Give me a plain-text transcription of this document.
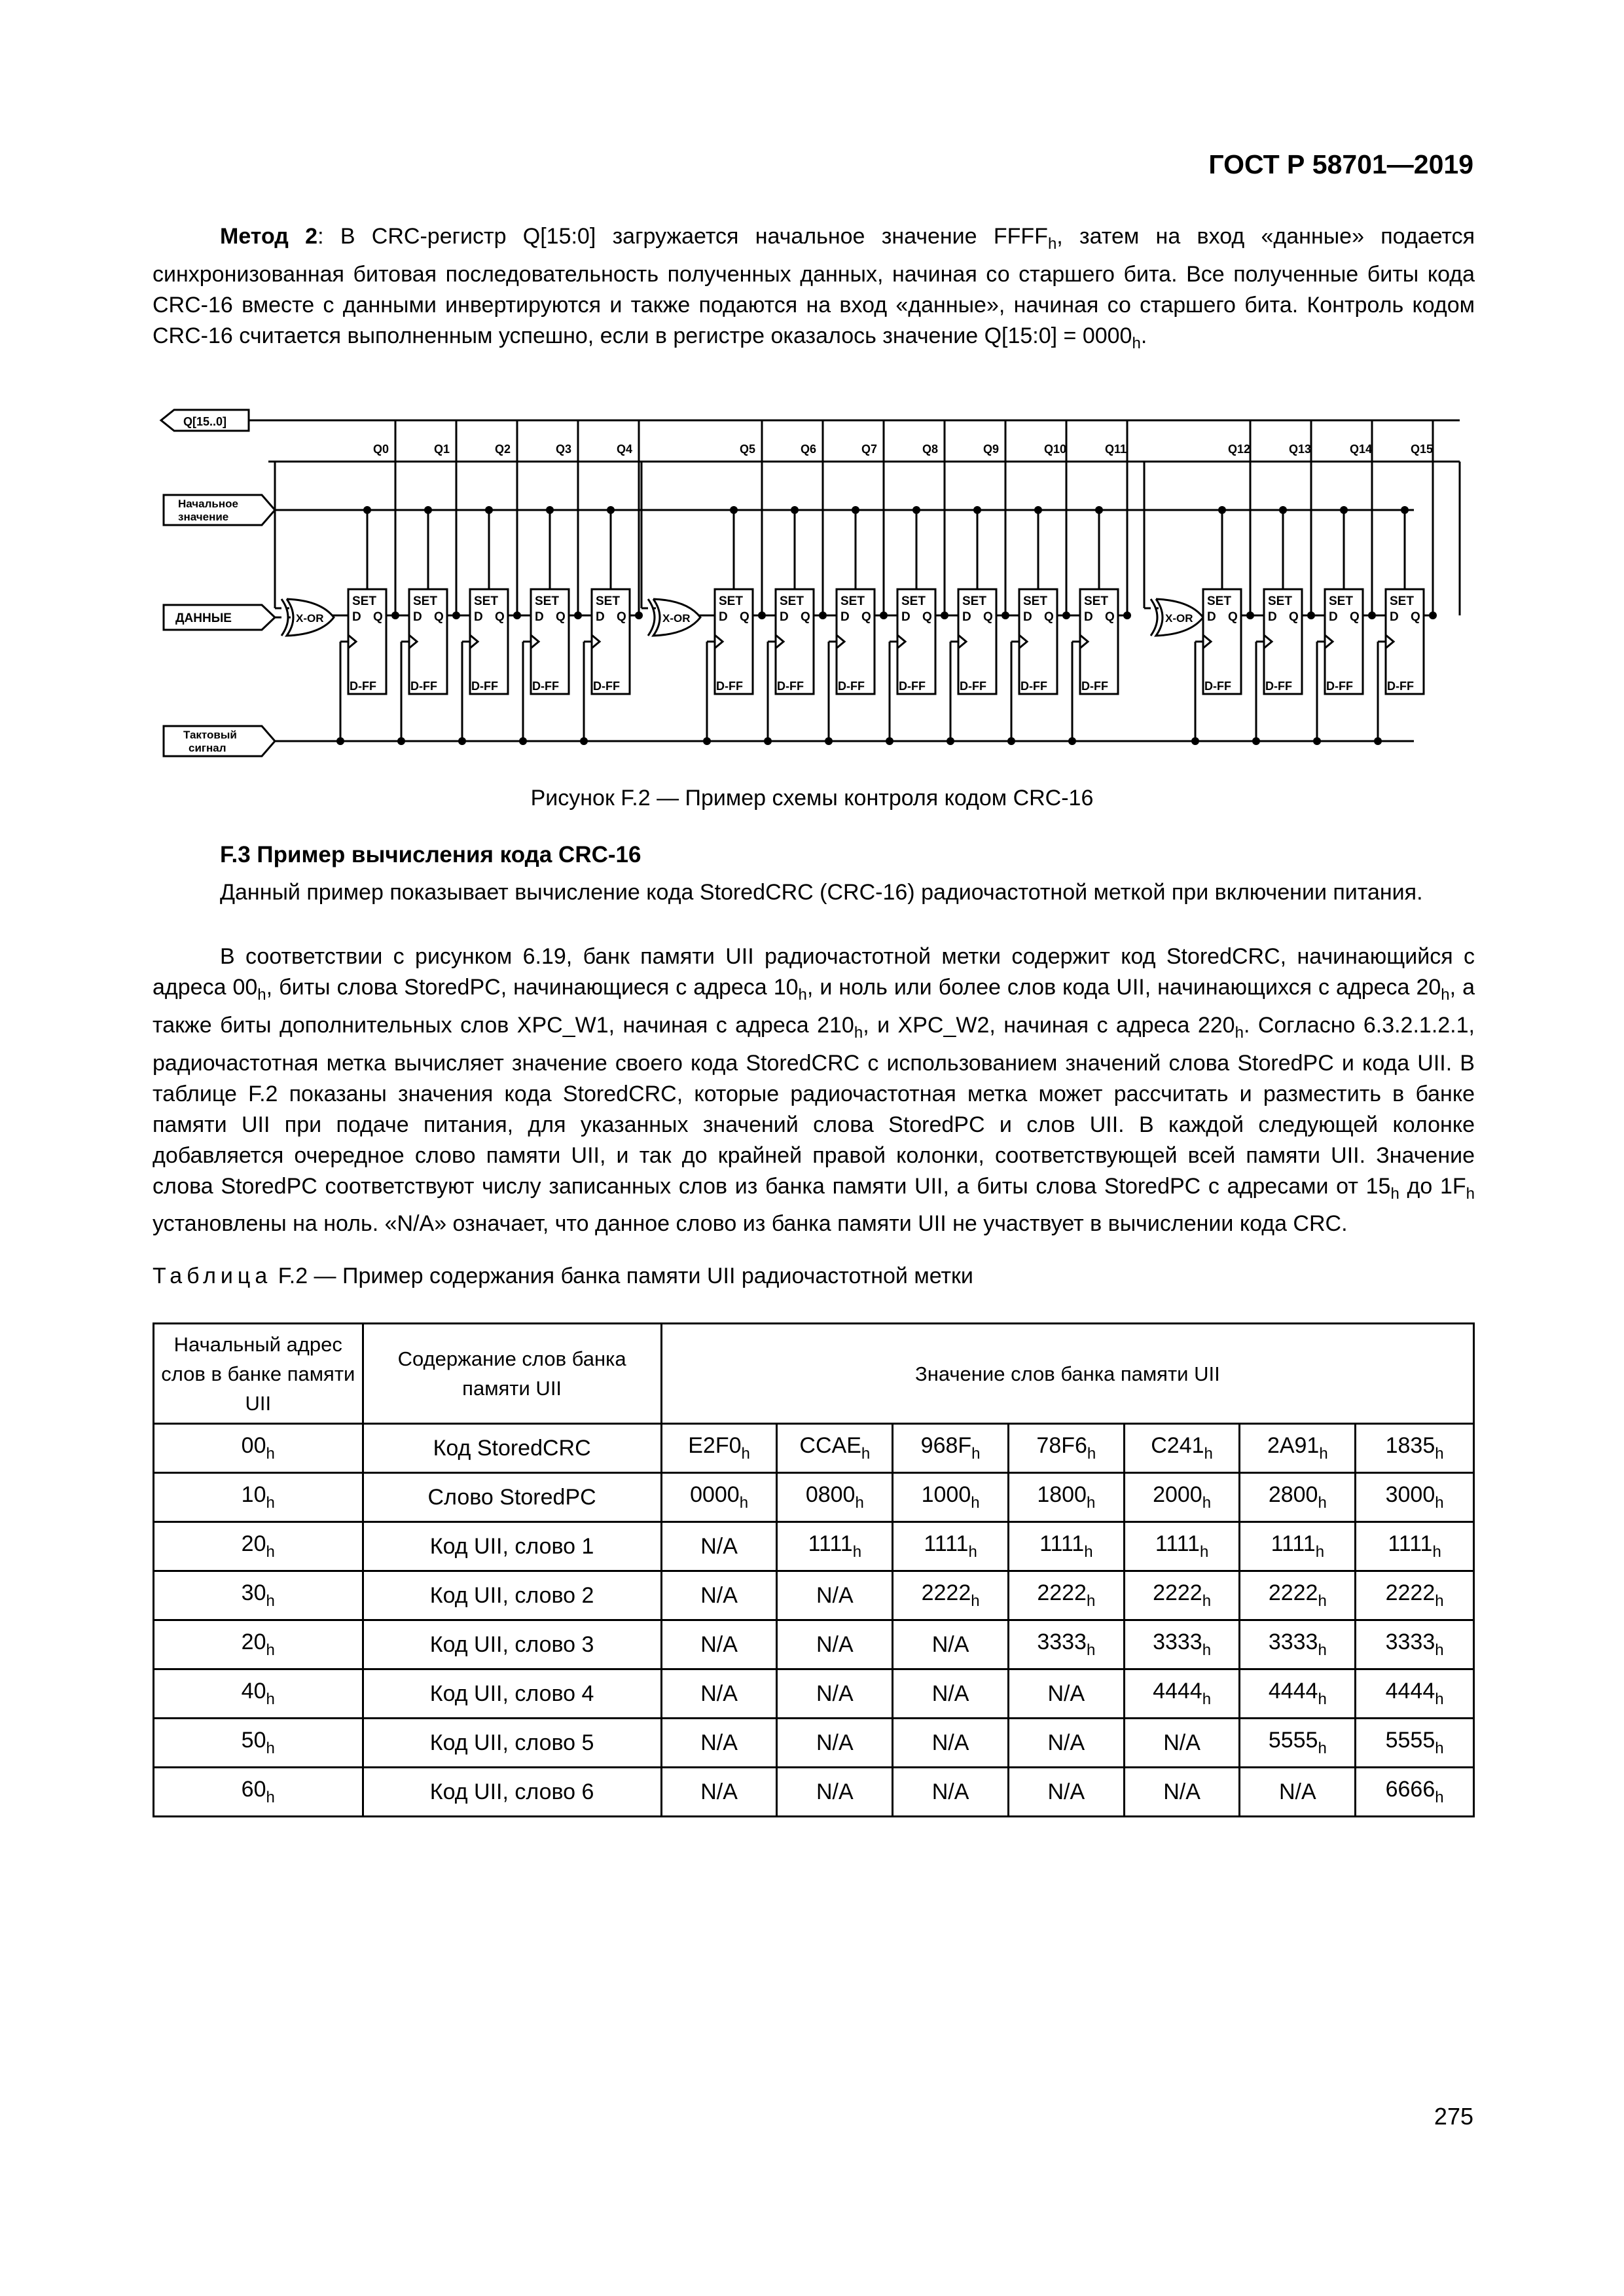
ГОСТ Р 58701—2019
Метод 2: В CRC-регистр Q[15:0] загружается начальное значение $FFFF_h$, затем на вход «данные» подается синхронизованная битовая последовательность полученных данных, начиная со старшего бита. Все полученные биты кода CRC-16 вместе с данными инвертируются и также подаются на вход «данные», начиная со старшего бита. Контроль кодом CRC-16 считается выполненным успешно, если в регистре оказалось значение Q[15:0] = $0000_h$.
Q[15..0]
Начальное
значение
ДАННЫЕ
Тактовый
сигнал
X-OR	X-OR	X-OR
SET
D Q
D-FF
Q0
SET
D Q
D-FF
Q1
SET
D Q
D-FF
Q2
SET
D Q
D-FF
Q3
SET
D Q
D-FF
Q4
SET
D Q
D-FF
Q5
SET
D Q
D-FF
Q6
SET
D Q
D-FF
Q7
SET
D Q
D-FF
Q8
SET
D Q
D-FF
Q9
SET
D Q
D-FF
Q10
SET
D Q
D-FF
Q11
SET
D Q
D-FF
Q12
SET
D Q
D-FF
Q13
SET
D Q
D-FF
Q14
SET
D Q
D-FF
Q15
Рисунок F.2 — Пример схемы контроля кодом CRC-16
F.3 Пример вычисления кода CRC-16
Данный пример показывает вычисление кода StoredCRC (CRC-16) радиочастотной меткой при включении питания.
В соответствии с рисунком 6.19, банк памяти UII радиочастотной метки содержит код StoredCRC, начинающийся с адреса $00_h$, биты слова StoredPC, начинающиеся с адреса $10_h$, и ноль или более слов кода UII, начинающихся с адреса $20_h$, а также биты дополнительных слов XPC_W1, начиная с адреса $210_h$, и XPC_W2, начиная с адреса $220_h$. Согласно 6.3.2.1.2.1, радиочастотная метка вычисляет значение своего кода StoredCRC с использованием значений слова StoredPC и кода UII. В таблице F.2 показаны значения кода StoredCRC, которые радиочастотная метка может рассчитать и разместить в банке памяти UII при подаче питания, для указанных значений слова StoredPC и слов UII. В каждой следующей колонке добавляется очередное слово памяти UII, и так до крайней правой колонки, соответствующей всей памяти UII. Значение слова StoredPC соответствуют числу записанных слов из банка памяти UII, а биты слова StoredPC с адресами от $15_h$ до $1F_h$ установлены на ноль. «N/A» означает, что данное слово из банка памяти UII не участвует в вычислении кода CRC.
Таблица F.2 — Пример содержания банка памяти UII радиочастотной метки
Начальный адрес слов в банке памяти UII	Содержание слов банка памяти UII	Значение слов банка памяти UII						
$00_h$	Код StoredCRC	$E2F0_h$	$CCAE_h$	$968F_h$	$78F6_h$	$C241_h$	$2A91_h$	$1835_h$
$10_h$	Слово StoredPC	$0000_h$	$0800_h$	$1000_h$	$1800_h$	$2000_h$	$2800_h$	$3000_h$
$20_h$	Код UII, слово 1	N/A	$1111_h$	$1111_h$	$1111_h$	$1111_h$	$1111_h$	$1111_h$
$30_h$	Код UII, слово 2	N/A	N/A	$2222_h$	$2222_h$	$2222_h$	$2222_h$	$2222_h$
$20_h$	Код UII, слово 3	N/A	N/A	N/A	$3333_h$	$3333_h$	$3333_h$	$3333_h$
$40_h$	Код UII, слово 4	N/A	N/A	N/A	N/A	$4444_h$	$4444_h$	$4444_h$
$50_h$	Код UII, слово 5	N/A	N/A	N/A	N/A	N/A	$5555_h$	$5555_h$
$60_h$	Код UII, слово 6	N/A	N/A	N/A	N/A	N/A	N/A	$6666_h$
275
